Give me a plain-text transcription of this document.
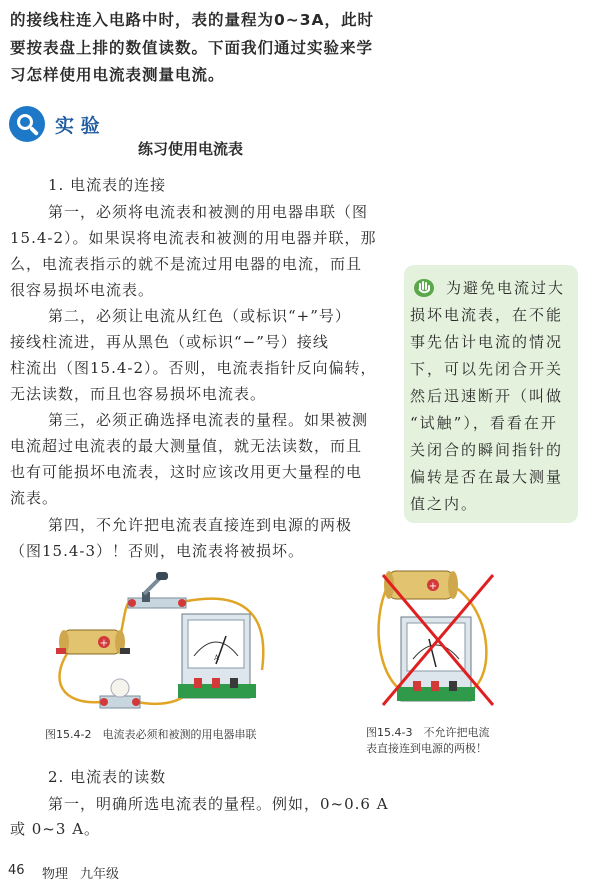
的接线柱连入电路中时，表的量程为0~3A，此时
要按表盘上排的数值读数。下面我们通过实验来学
习怎样使用电流表测量电流。
实 验
练习使用电流表
1. 电流表的连接
第一，必须将电流表和被测的用电器串联（图
15.4-2）。如果误将电流表和被测的用电器并联，那
么，电流表指示的就不是流过用电器的电流，而且
很容易损坏电流表。
第二，必须让电流从红色（或标识“+”号）
接线柱流进，再从黑色（或标识“−”号）接线
柱流出（图15.4-2）。否则，电流表指针反向偏转，
无法读数，而且也容易损坏电流表。
第三，必须正确选择电流表的量程。如果被测
电流超过电流表的最大测量值，就无法读数，而且
也有可能损坏电流表，这时应该改用更大量程的电
流表。
第四，不允许把电流表直接连到电源的两极
（图15.4-3）！否则，电流表将被损坏。
为避免电流过大
损坏电流表，在不能
事先估计电流的情况
下，可以先闭合开关
然后迅速断开（叫做
“试触”），看看在开
关闭合的瞬间指针的
偏转是否在最大测量
值之内。
+
A
+
图15.4-2　电流表必须和被测的用电器串联	图15.4-3　不允许把电流
表直接连到电源的两极！
2. 电流表的读数
第一，明确所选电流表的量程。例如，0~0.6 A
或 0~3 A。
46 物理 九年级
